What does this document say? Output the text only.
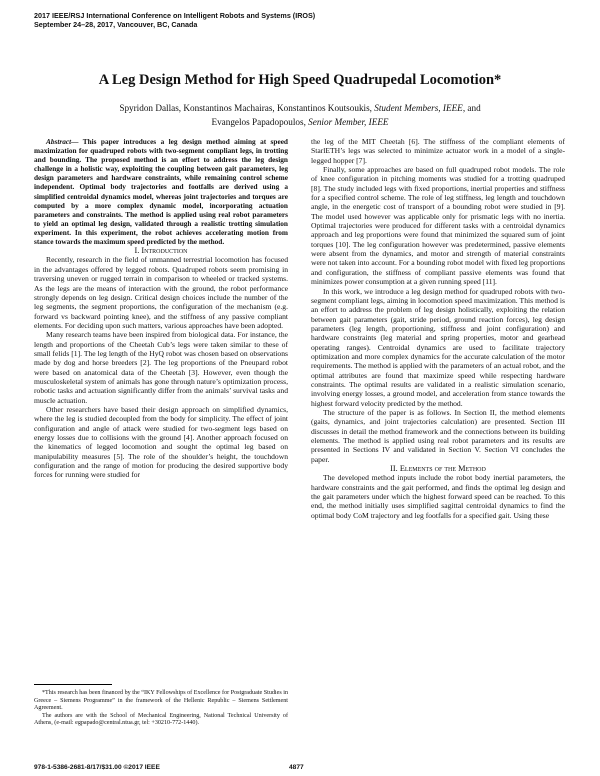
2017 IEEE/RSJ International Conference on Intelligent Robots and Systems (IROS)
September 24–28, 2017, Vancouver, BC, Canada
A Leg Design Method for High Speed Quadrupedal Locomotion*
Spyridon Dallas, Konstantinos Machairas, Konstantinos Koutsoukis, Student Members, IEEE, and
Evangelos Papadopoulos, Senior Member, IEEE

Abstract— This paper introduces a leg design method aiming at speed maximization for quadruped robots with two-segment compliant legs, in trotting and bounding. The proposed method is an effort to address the leg design challenge in a holistic way, exploiting the coupling between gait parameters, leg design parameters and hardware constraints, while remaining control scheme independent. Optimal body trajectories and footfalls are derived using a simplified centroidal dynamics model, whereas joint trajectories and torques are computed by a more complex dynamic model, incorporating actuation parameters and constraints. The method is applied using real robot parameters to yield an optimal leg design, validated through a realistic trotting simulation experiment. In this experiment, the robot achieves accelerating motion from stance towards the maximum speed predicted by the method.

I. Introduction

Recently, research in the field of unmanned terrestrial locomotion has focused in the advantages offered by legged robots. Quadruped robots seem promising in traversing uneven or rugged terrain in comparison to wheeled or tracked systems. As the legs are the means of interaction with the ground, the robot performance strongly depends on leg design. Critical design choices include the number of the leg segments, the segment proportions, the configuration of the mechanism (e.g. forward vs backward pointing knee), and the stiffness of any passive compliant elements. For deciding upon such matters, various approaches have been adopted.

Many research teams have been inspired from biological data. For instance, the length and proportions of the Cheetah Cub’s legs were taken similar to these of small felids [1]. The leg length of the HyQ robot was chosen based on observations made by dog and horse breeders [2]. The leg proportions of the Pneupard robot were based on anatomical data of the Cheetah [3]. However, even though the musculoskeletal system of animals has gone through nature’s optimization process, robotic tasks and actuation significantly differ from the animals’ survival tasks and muscle actuation.

Other researchers have based their design approach on simplified dynamics, where the leg is studied decoupled from the body for simplicity. The effect of joint configuration and angle of attack were studied for two-segment legs based on energy losses due to collisions with the ground [4]. Another approach focused on the kinematics of legged locomotion and sought the optimal leg based on manipulability measures [5]. The role of the shoulder’s height, the touchdown configuration and the range of motion for producing the desired supportive body forces for running were studied for

the leg of the MIT Cheetah [6]. The stiffness of the compliant elements of StarlETH’s legs was selected to minimize actuator work in a model of a single-legged hopper [7].

Finally, some approaches are based on full quadruped robot models. The role of knee configuration in pitching moments was studied for a trotting quadruped [8]. The study included legs with fixed proportions, inertial properties and stiffness for a specified control scheme. The role of leg stiffness, leg length and touchdown angle, in the energetic cost of transport of a bounding robot were studied in [9]. The model used however was applicable only for prismatic legs with no inertia. Optimal trajectories were produced for different tasks with a centroidal dynamics approach and leg proportions were found that minimized the squared sum of joint torques [10]. The leg configuration however was predetermined, passive elements were absent from the dynamics, and motor and strength of material constraints were not taken into account. For a bounding robot model with fixed leg proportions and configuration, the stiffness of compliant passive elements was found that minimizes power consumption at a given running speed [11].

In this work, we introduce a leg design method for quadruped robots with two-segment compliant legs, aiming in locomotion speed maximization. This method is an effort to address the problem of leg design holistically, exploiting the relation between gait parameters (gait, stride period, ground reaction forces), leg design parameters (leg length, proportioning, stiffness and joint configuration) and hardware constraints (leg material and spring properties, motor and gearhead operating ranges). Centroidal dynamics are used to facilitate trajectory optimization and more complex dynamics for the accurate calculation of the motor requirements. The method is applied with the parameters of an actual robot, and the optimal attributes are found that maximize speed while respecting hardware constraints. The optimal results are validated in a realistic simulation scenario, involving energy losses, a ground model, and acceleration from stance towards the highest forward velocity predicted by the method.

The structure of the paper is as follows. In Section II, the method elements (gaits, dynamics, and joint trajectories calculation) are presented. Section III discusses in detail the method framework and the connections between its building elements. The method is applied using real robot parameters and its results are presented in Sections IV and validated in Section V. Section VI concludes the paper.

II. Elements of the Method

The developed method inputs include the robot body inertial parameters, the hardware constraints and the gait performed, and finds the optimal leg design and the gait parameters under which the highest forward speed can be reached. To this end, the method initially uses simplified sagittal centroidal dynamics to find the optimal body CoM trajectory and leg footfalls for a specified gait. Using these

*This research has been financed by the “IKY Fellowships of Excellence for Postgraduate Studies in Greece – Siemens Programme” in the framework of the Hellenic Republic – Siemens Settlement Agreement.

The authors are with the School of Mechanical Engineering, National Technical University of Athens, (e-mail: egpapado@central.ntua.gr, tel: +30210-772-1440).

978-1-5386-2681-8/17/$31.00 ©2017 IEEE	4877
